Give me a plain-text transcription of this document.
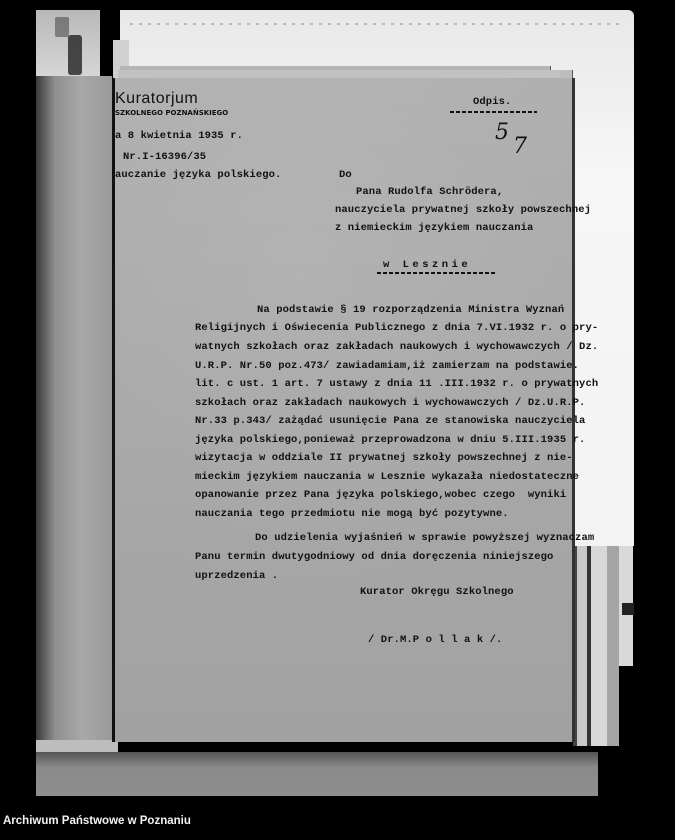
Kuratorjum
SZKOLNEGO POZNAŃSKIEGO
a 8 kwietnia 1935 r.
Nr.I-16396/35
auczanie języka polskiego.
Odpis.
5
7
Do
Pana Rudolfa Schrödera,
nauczyciela prywatnej szkoły powszechnej
z niemieckim językiem nauczania
w Lesznie
Na podstawie § 19 rozporządzenia Ministra Wyznań
Religijnych i Oświecenia Publicznego z dnia 7.VI.1932 r. o pry-
watnych szkołach oraz zakładach naukowych i wychowawczych / Dz.
U.R.P. Nr.50 poz.473/ zawiadamiam,iż zamierzam na podstawie.
lit. c ust. 1 art. 7 ustawy z dnia 11 .III.1932 r. o prywatnych
szkołach oraz zakładach naukowych i wychowawczych / Dz.U.R.P.
Nr.33 p.343/ zażądać usunięcie Pana ze stanowiska nauczyciela
języka polskiego,ponieważ przeprowadzona w dniu 5.III.1935 r.
wizytacja w oddziale II prywatnej szkoły powszechnej z nie-
mieckim językiem nauczania w Lesznie wykazała niedostateczne
opanowanie przez Pana języka polskiego,wobec czego  wyniki
nauczania tego przedmiotu nie mogą być pozytywne.
Do udzielenia wyjaśnień w sprawie powyższej wyznaczam
Panu termin dwutygodniowy od dnia doręczenia niniejszego
uprzedzenia .
Kurator Okręgu Szkolnego
/ Dr.M.P o l l a k /.
Archiwum Państwowe w Poznaniu
